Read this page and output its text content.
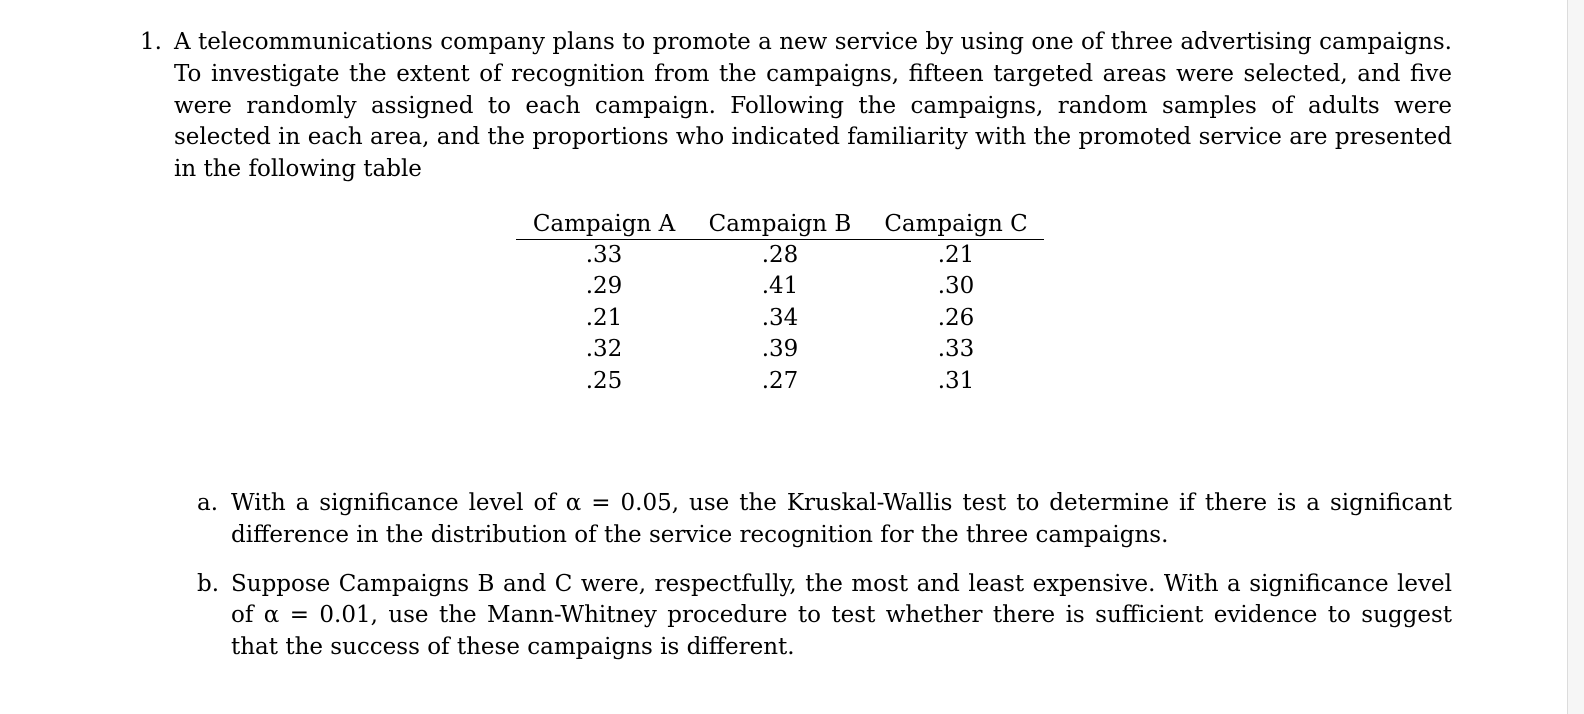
1. A telecommunications company plans to promote a new service by using one of three advertising campaigns. To investigate the extent of recognition from the campaigns, fifteen targeted areas were selected, and five were randomly assigned to each campaign. Following the campaigns, random samples of adults were selected in each area, and the proportions who indicated familiarity with the promoted service are presented in the following table
Campaign A	Campaign B	Campaign C
.33	.28	.21
.29	.41	.30
.21	.34	.26
.32	.39	.33
.25	.27	.31
a. With a significance level of α = 0.05, use the Kruskal-Wallis test to determine if there is a significant difference in the distribution of the service recognition for the three campaigns.
b. Suppose Campaigns B and C were, respectfully, the most and least expensive. With a significance level of α = 0.01, use the Mann-Whitney procedure to test whether there is sufficient evidence to suggest that the success of these campaigns is different.
